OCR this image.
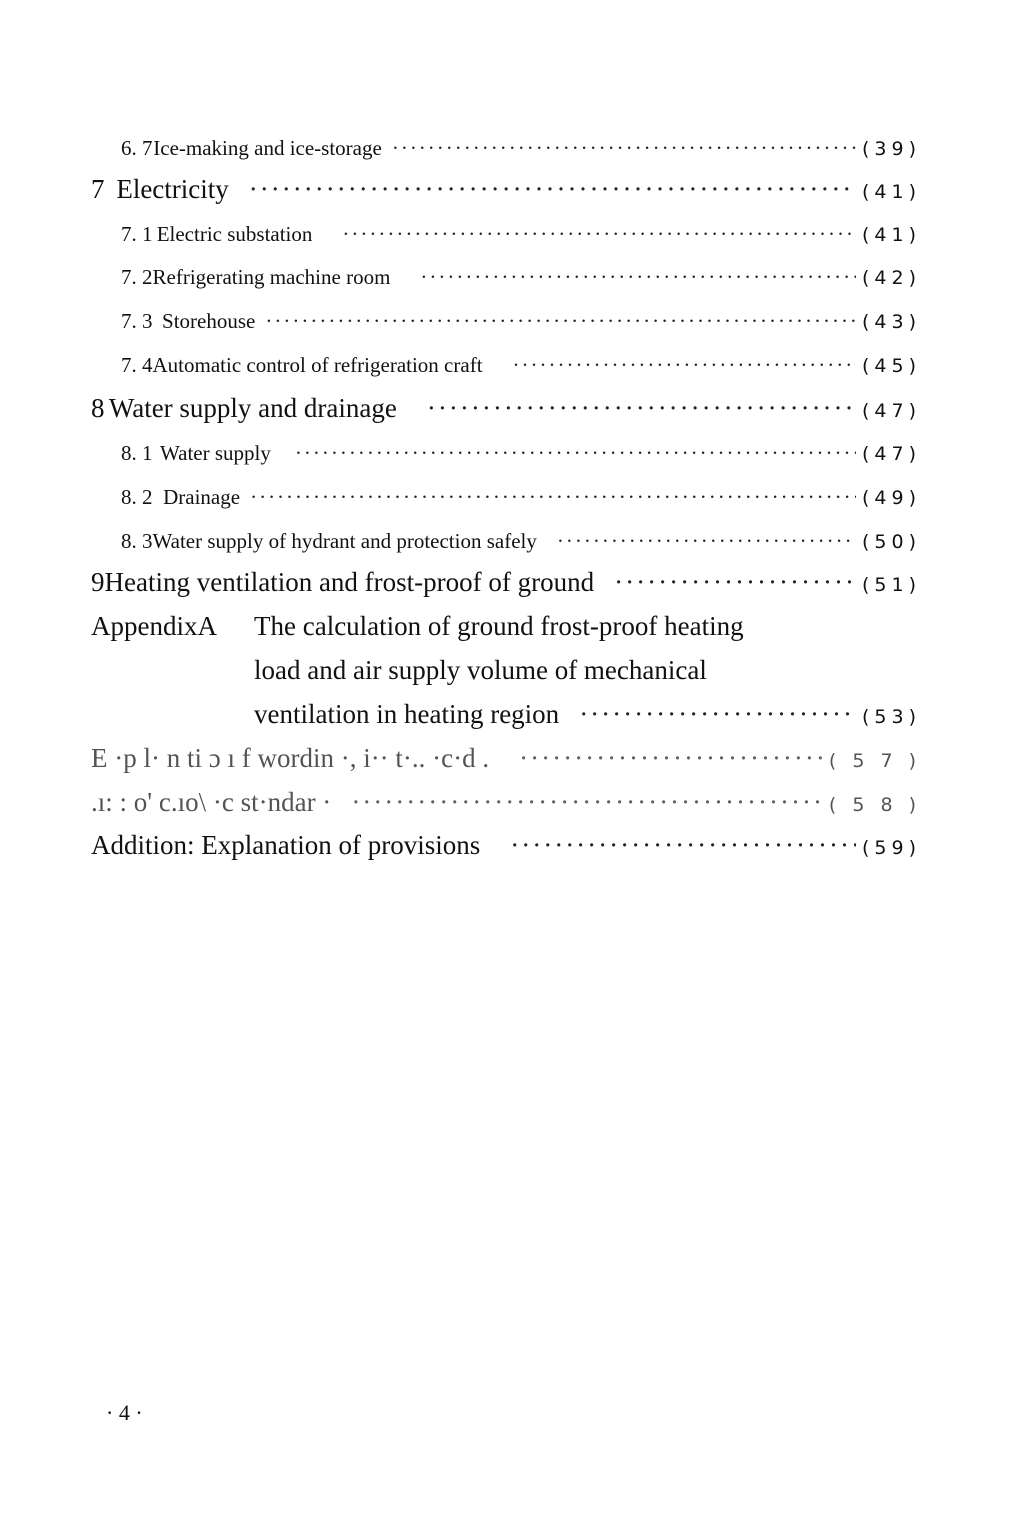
6. 7 Ice-making and ice-storage ·····	(39)
7 Electricity ·····	(41)
7. 1 Electric substation ·····	(41)
7. 2 Refrigerating machine room ·····	(42)
7. 3 Storehouse ·····	(43)
7. 4 Automatic control of refrigeration craft ·····	(45)
8 Water supply and drainage ·····	(47)
8. 1 Water supply ·····	(47)
8. 2 Drainage ·····	(49)
8. 3 Water supply of hydrant and protection safely ·····	(50)
9 Heating ventilation and frost-proof of ground ·····	(51)
AppendixA The calculation of ground frost-proof heating
load and air supply volume of mechanical
ventilation in heating region ·····	(53)
E ·p l· n ti ɔ ı f wordin ·, i·· t·.. ·c·d . ·····	( 5 7 )
.ı: : o' c.ıo\ ·c st·ndar · ·····	( 5 8 )
Addition: Explanation of provisions ·····	(59)
· 4 ·
